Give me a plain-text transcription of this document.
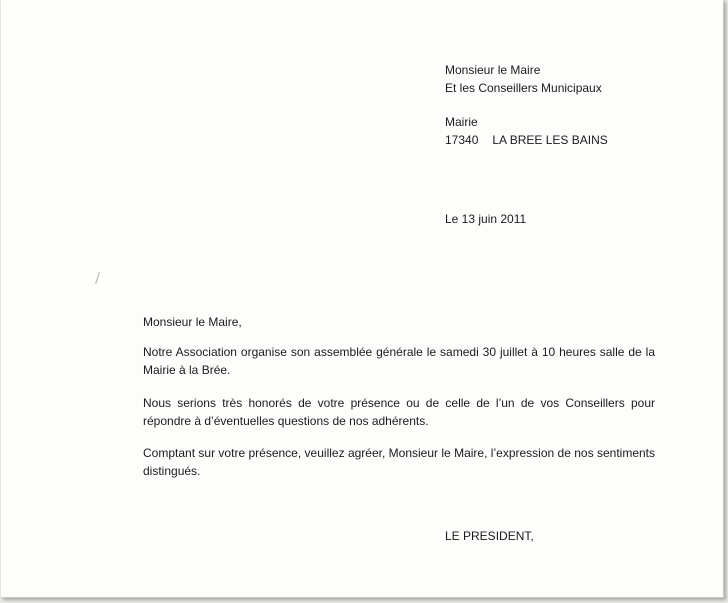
Monsieur le Maire
Et les Conseillers Municipaux
Mairie
17340 LA BREE LES BAINS
Le 13 juin 2011
Monsieur le Maire,

Notre Association organise son assemblée générale le samedi 30 juillet à 10 heures salle de la Mairie à la Brée.

Nous serions très honorés de votre présence ou de celle de l’un de vos Conseillers pour répondre à d’éventuelles questions de nos adhérents.

Comptant sur votre présence, veuillez agréer, Monsieur le Maire, l’expression de nos sentiments distingués.

LE PRESIDENT,
